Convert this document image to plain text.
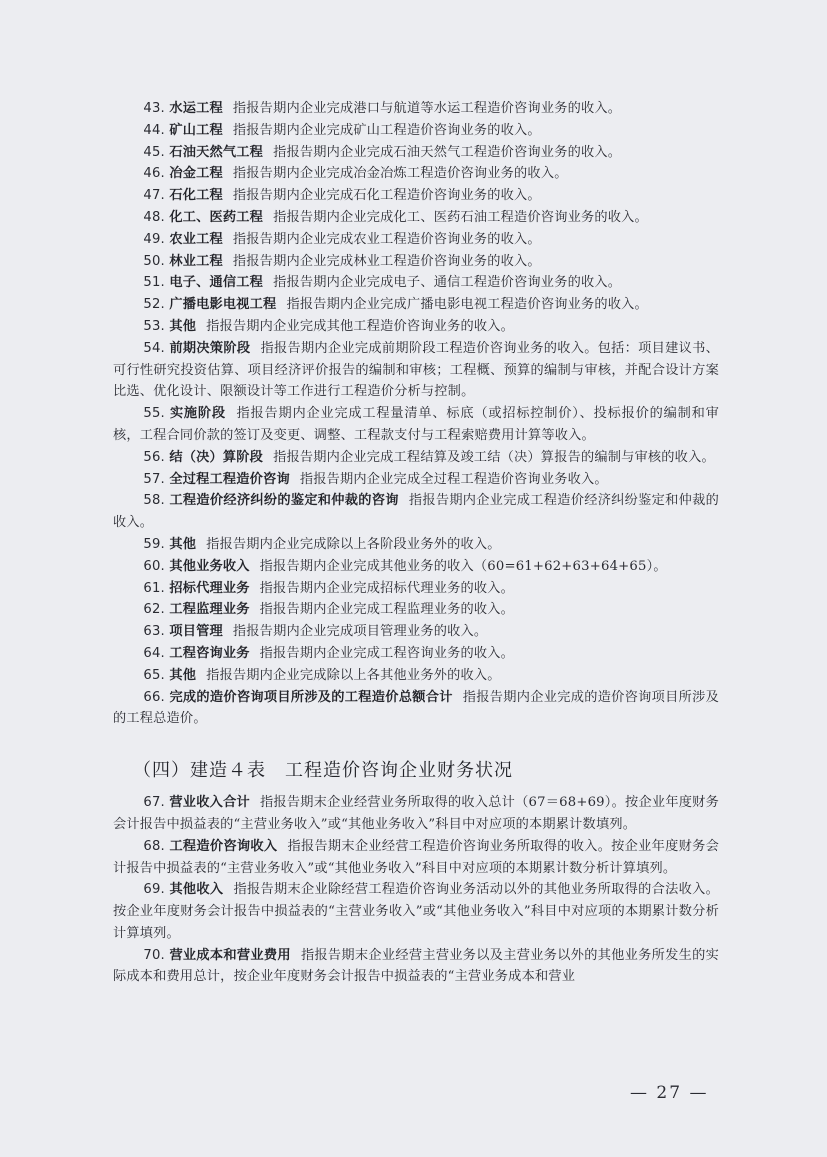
43. 水运工程 指报告期内企业完成港口与航道等水运工程造价咨询业务的收入。

44. 矿山工程 指报告期内企业完成矿山工程造价咨询业务的收入。

45. 石油天然气工程 指报告期内企业完成石油天然气工程造价咨询业务的收入。

46. 冶金工程 指报告期内企业完成冶金冶炼工程造价咨询业务的收入。

47. 石化工程 指报告期内企业完成石化工程造价咨询业务的收入。

48. 化工、医药工程 指报告期内企业完成化工、医药石油工程造价咨询业务的收入。

49. 农业工程 指报告期内企业完成农业工程造价咨询业务的收入。

50. 林业工程 指报告期内企业完成林业工程造价咨询业务的收入。

51. 电子、通信工程 指报告期内企业完成电子、通信工程造价咨询业务的收入。

52. 广播电影电视工程 指报告期内企业完成广播电影电视工程造价咨询业务的收入。

53. 其他 指报告期内企业完成其他工程造价咨询业务的收入。

54. 前期决策阶段 指报告期内企业完成前期阶段工程造价咨询业务的收入。包括：项目建议书、可行性研究投资估算、项目经济评价报告的编制和审核；工程概、预算的编制与审核，并配合设计方案比选、优化设计、限额设计等工作进行工程造价分析与控制。

55. 实施阶段 指报告期内企业完成工程量清单、标底（或招标控制价）、投标报价的编制和审核，工程合同价款的签订及变更、调整、工程款支付与工程索赔费用计算等收入。

56. 结（决）算阶段 指报告期内企业完成工程结算及竣工结（决）算报告的编制与审核的收入。

57. 全过程工程造价咨询 指报告期内企业完成全过程工程造价咨询业务收入。

58. 工程造价经济纠纷的鉴定和仲裁的咨询 指报告期内企业完成工程造价经济纠纷鉴定和仲裁的收入。

59. 其他 指报告期内企业完成除以上各阶段业务外的收入。

60. 其他业务收入 指报告期内企业完成其他业务的收入（60=61+62+63+64+65）。

61. 招标代理业务 指报告期内企业完成招标代理业务的收入。

62. 工程监理业务 指报告期内企业完成工程监理业务的收入。

63. 项目管理 指报告期内企业完成项目管理业务的收入。

64. 工程咨询业务 指报告期内企业完成工程咨询业务的收入。

65. 其他 指报告期内企业完成除以上各其他业务外的收入。

66. 完成的造价咨询项目所涉及的工程造价总额合计 指报告期内企业完成的造价咨询项目所涉及的工程总造价。

（四）建造４表　工程造价咨询企业财务状况

67. 营业收入合计 指报告期末企业经营业务所取得的收入总计（67＝68+69）。按企业年度财务会计报告中损益表的“主营业务收入”或“其他业务收入”科目中对应项的本期累计数填列。

68. 工程造价咨询收入 指报告期末企业经营工程造价咨询业务所取得的收入。按企业年度财务会计报告中损益表的“主营业务收入”或“其他业务收入”科目中对应项的本期累计数分析计算填列。

69. 其他收入 指报告期末企业除经营工程造价咨询业务活动以外的其他业务所取得的合法收入。按企业年度财务会计报告中损益表的“主营业务收入”或“其他业务收入”科目中对应项的本期累计数分析计算填列。

70. 营业成本和营业费用 指报告期末企业经营主营业务以及主营业务以外的其他业务所发生的实际成本和费用总计，按企业年度财务会计报告中损益表的“主营业务成本和营业

— 27 —
